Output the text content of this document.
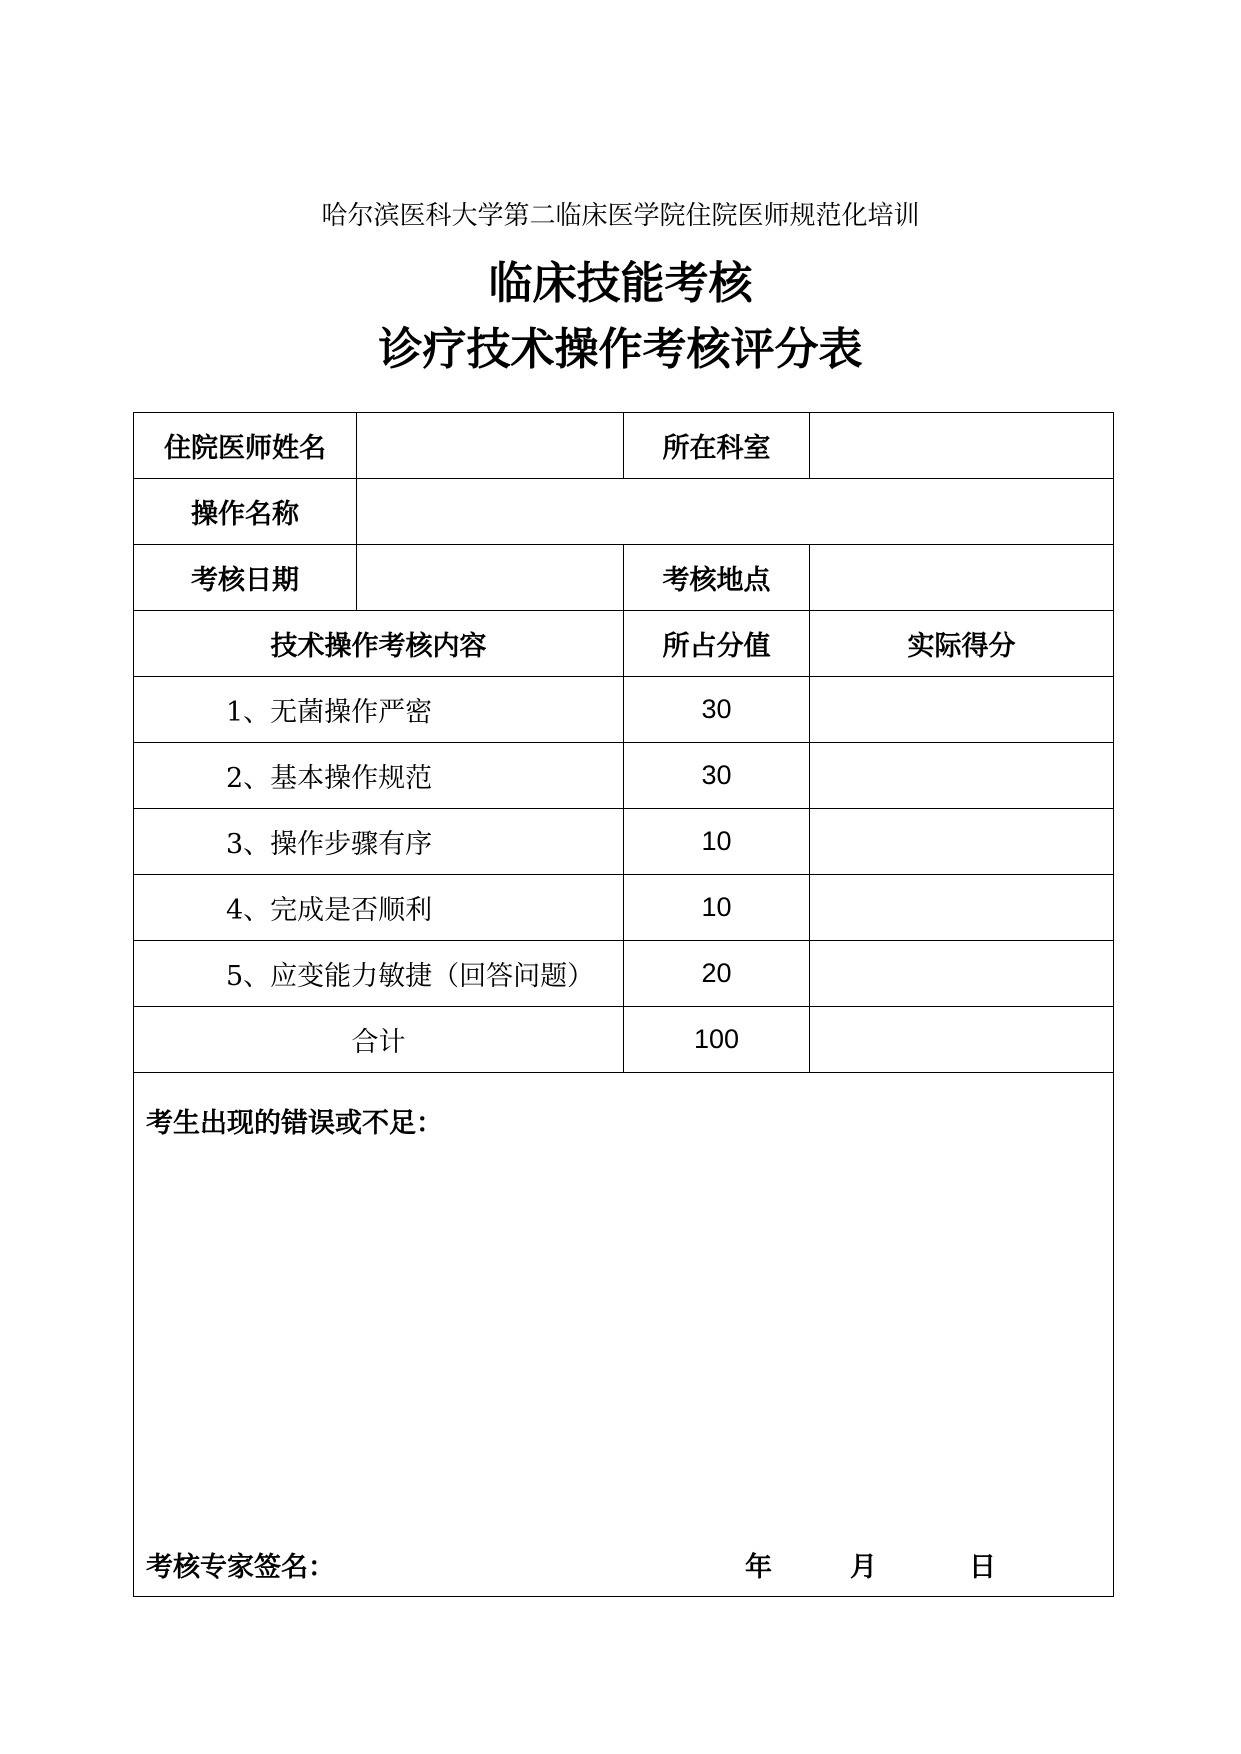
哈尔滨医科大学第二临床医学院住院医师规范化培训
临床技能考核
诊疗技术操作考核评分表
住院医师姓名		所在科室	
操作名称			
考核日期		考核地点	
技术操作考核内容		所占分值	实际得分
1、无菌操作严密		30	
2、基本操作规范		30	
3、操作步骤有序		10	
4、完成是否顺利		10	
5、应变能力敏捷（回答问题）		20	
合计		100	

考生出现的错误或不足：
考核专家签名： 年 月 日			
